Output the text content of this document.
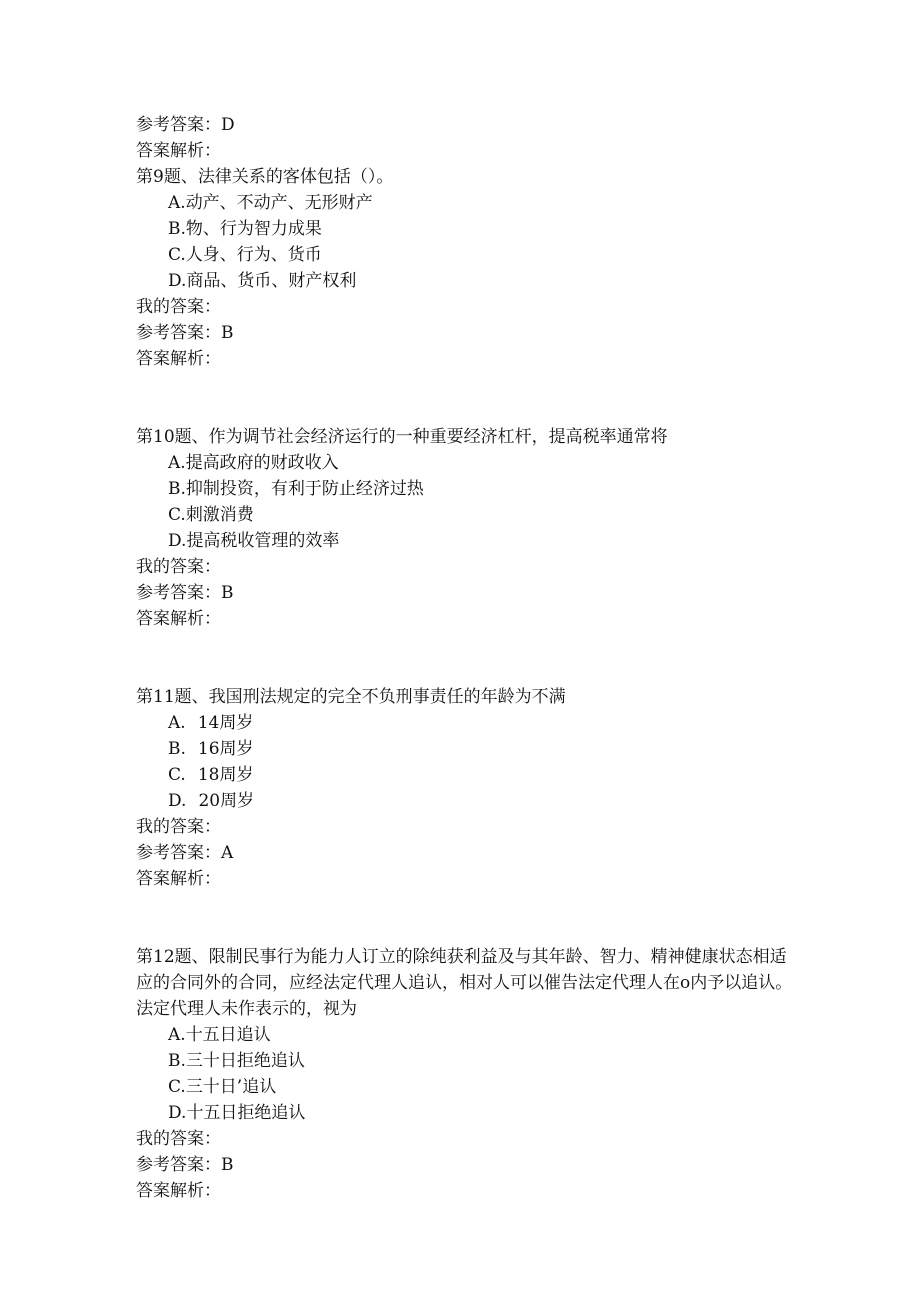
参考答案：D
答案解析：
第9题、法律关系的客体包括（）。
A.动产、不动产、无形财产
B.物、行为智力成果
C.人身、行为、货币
D.商品、货币、财产权利
我的答案：
参考答案：B
答案解析：
第10题、作为调节社会经济运行的一种重要经济杠杆，提高税率通常将
A.提高政府的财政收入
B.抑制投资，有利于防止经济过热
C.刺激消费
D.提高税收管理的效率
我的答案：
参考答案：B
答案解析：
第11题、我国刑法规定的完全不负刑事责任的年龄为不满
A. 14周岁
B. 16周岁
C. 18周岁
D. 20周岁
我的答案：
参考答案：A
答案解析：
第12题、限制民事行为能力人订立的除纯获利益及与其年龄、智力、精神健康状态相适
应的合同外的合同，应经法定代理人追认，相对人可以催告法定代理人在o内予以追认。
法定代理人未作表示的，视为
A.十五日追认
B.三十日拒绝追认
C.三十日’追认
D.十五日拒绝追认
我的答案：
参考答案：B
答案解析：
